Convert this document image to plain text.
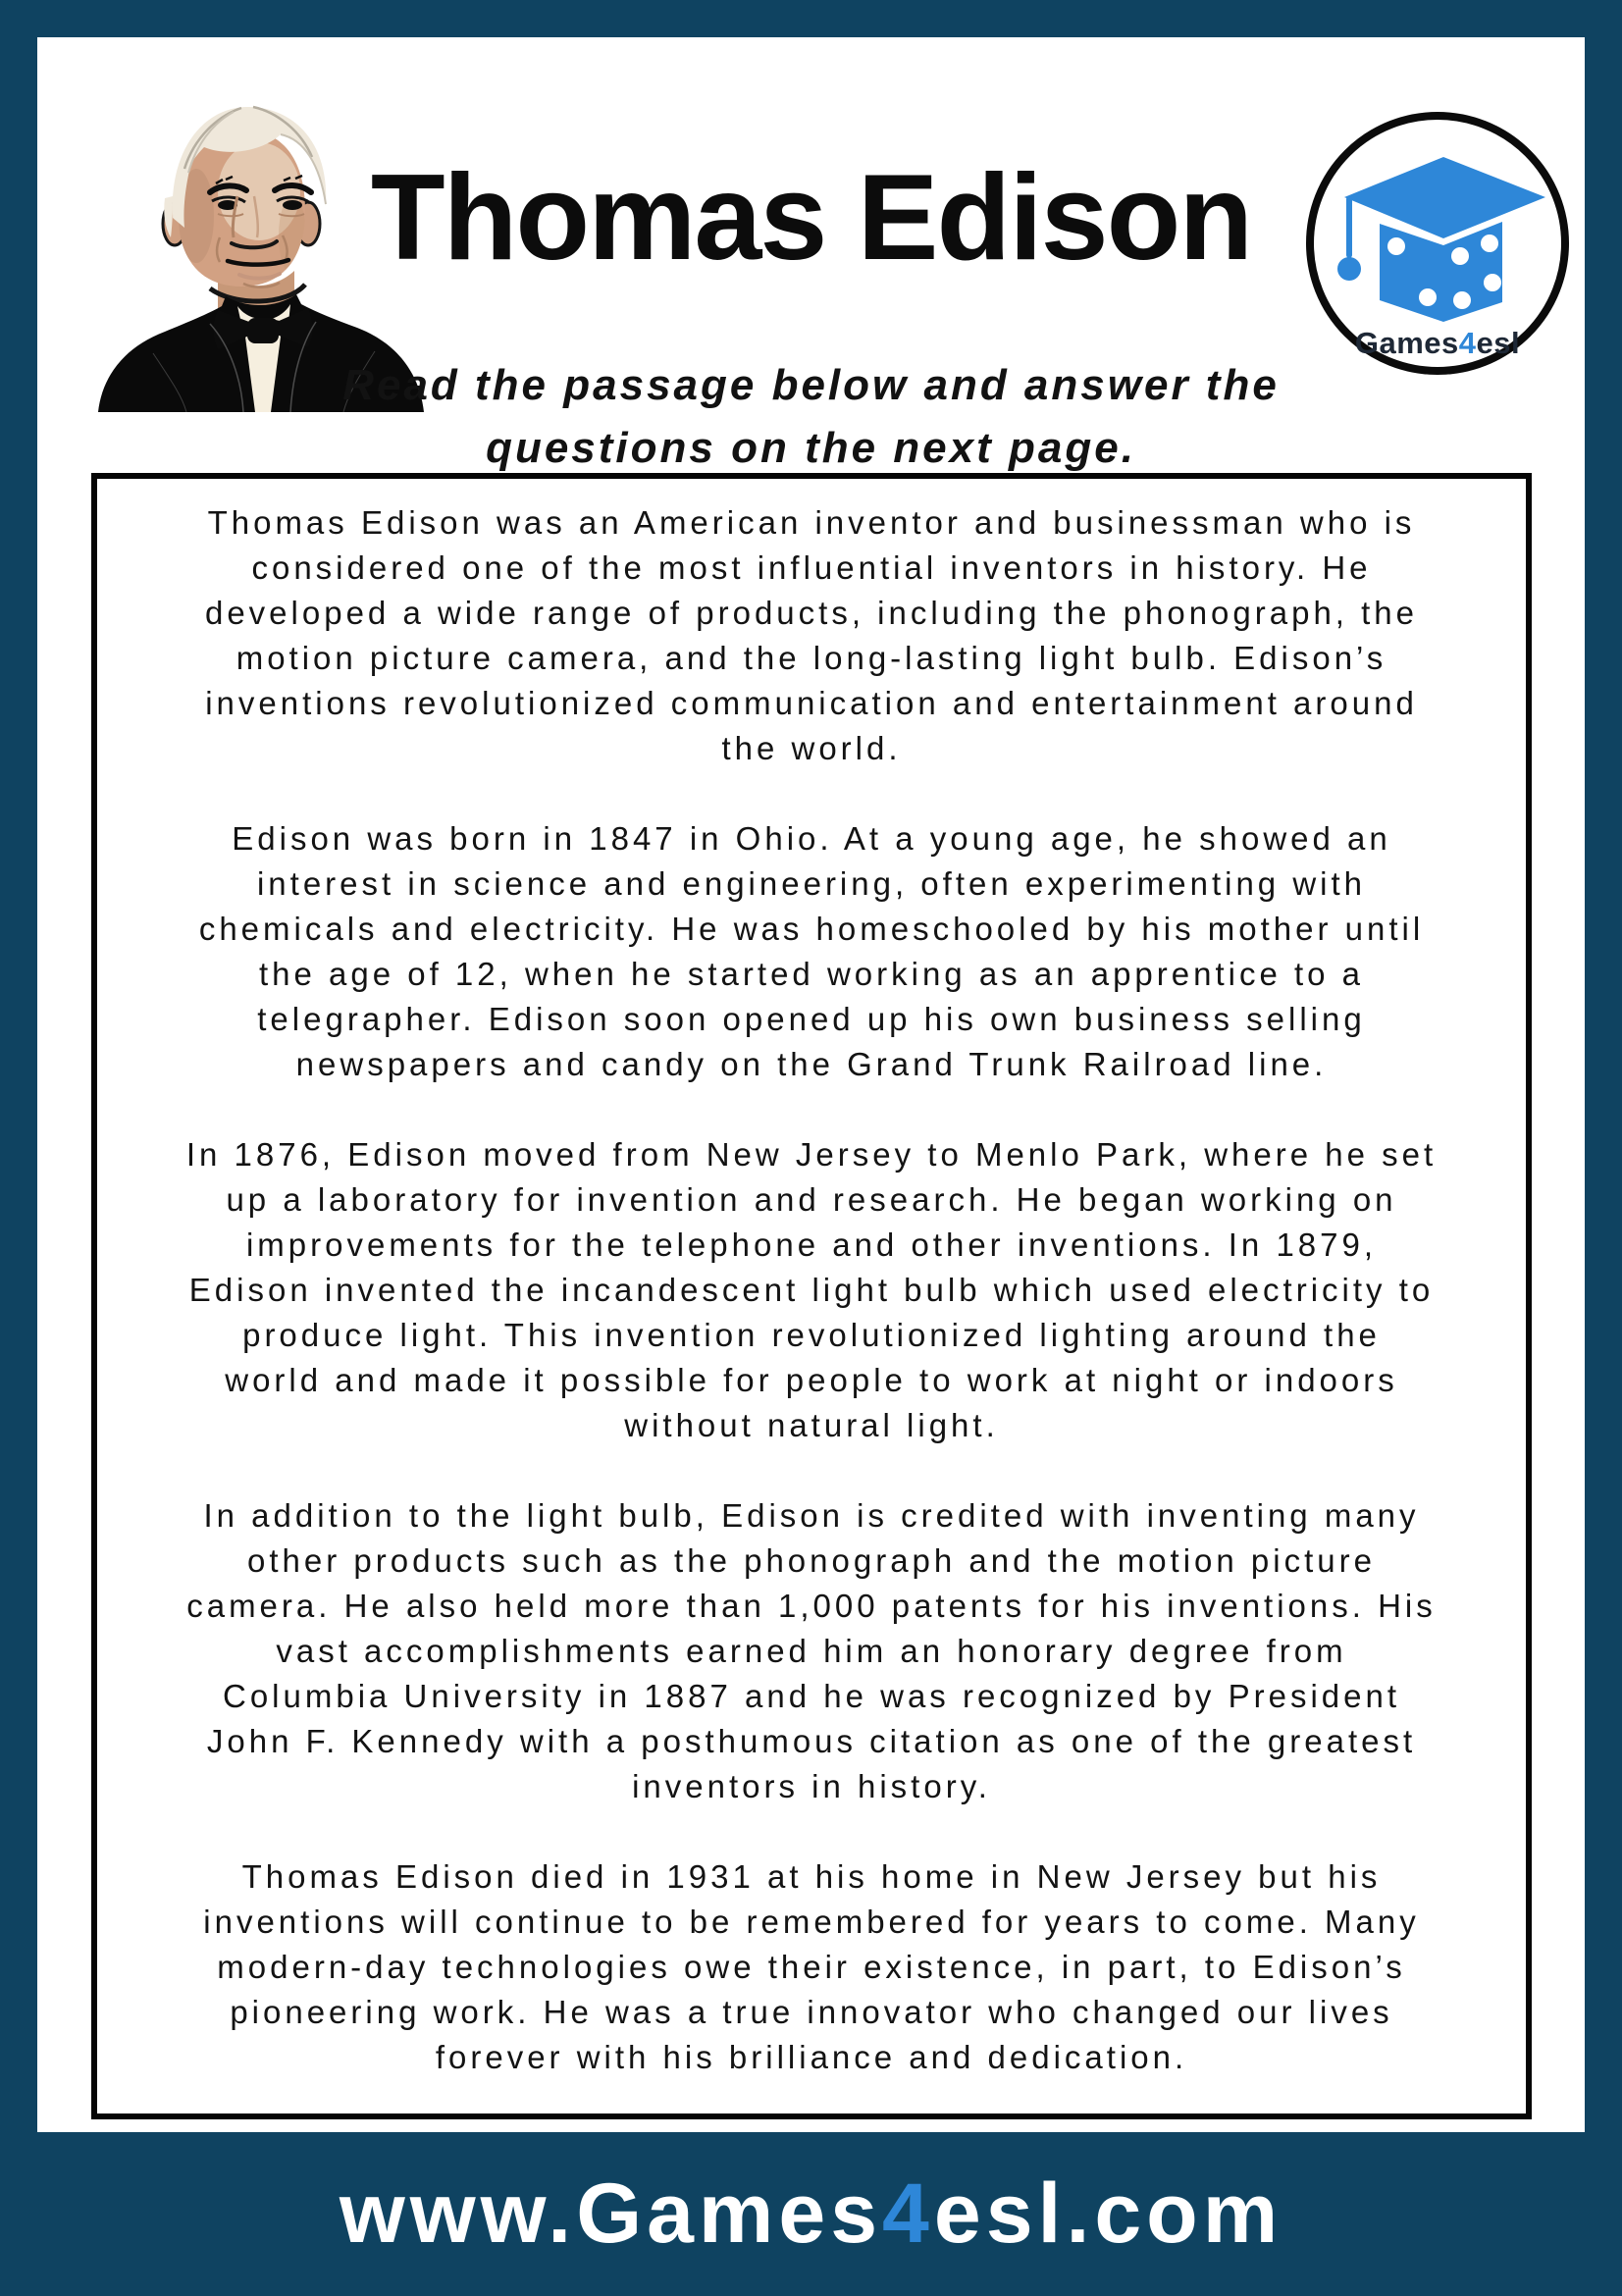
Thomas Edison
Games4esl
Read the passage below and answer the
questions on the next page.
Thomas Edison was an American inventor and businessman who is
considered one of the most influential inventors in history. He
developed a wide range of products, including the phonograph, the
motion picture camera, and the long-lasting light bulb. Edison’s
inventions revolutionized communication and entertainment around
the world.
Edison was born in 1847 in Ohio. At a young age, he showed an
interest in science and engineering, often experimenting with
chemicals and electricity. He was homeschooled by his mother until
the age of 12, when he started working as an apprentice to a
telegrapher. Edison soon opened up his own business selling
newspapers and candy on the Grand Trunk Railroad line.
In 1876, Edison moved from New Jersey to Menlo Park, where he set
up a laboratory for invention and research. He began working on
improvements for the telephone and other inventions. In 1879,
Edison invented the incandescent light bulb which used electricity to
produce light. This invention revolutionized lighting around the
world and made it possible for people to work at night or indoors
without natural light.
In addition to the light bulb, Edison is credited with inventing many
other products such as the phonograph and the motion picture
camera. He also held more than 1,000 patents for his inventions. His
vast accomplishments earned him an honorary degree from
Columbia University in 1887 and he was recognized by President
John F. Kennedy with a posthumous citation as one of the greatest
inventors in history.
Thomas Edison died in 1931 at his home in New Jersey but his
inventions will continue to be remembered for years to come. Many
modern-day technologies owe their existence, in part, to Edison’s
pioneering work. He was a true innovator who changed our lives
forever with his brilliance and dedication.
www.Games4esl.com
